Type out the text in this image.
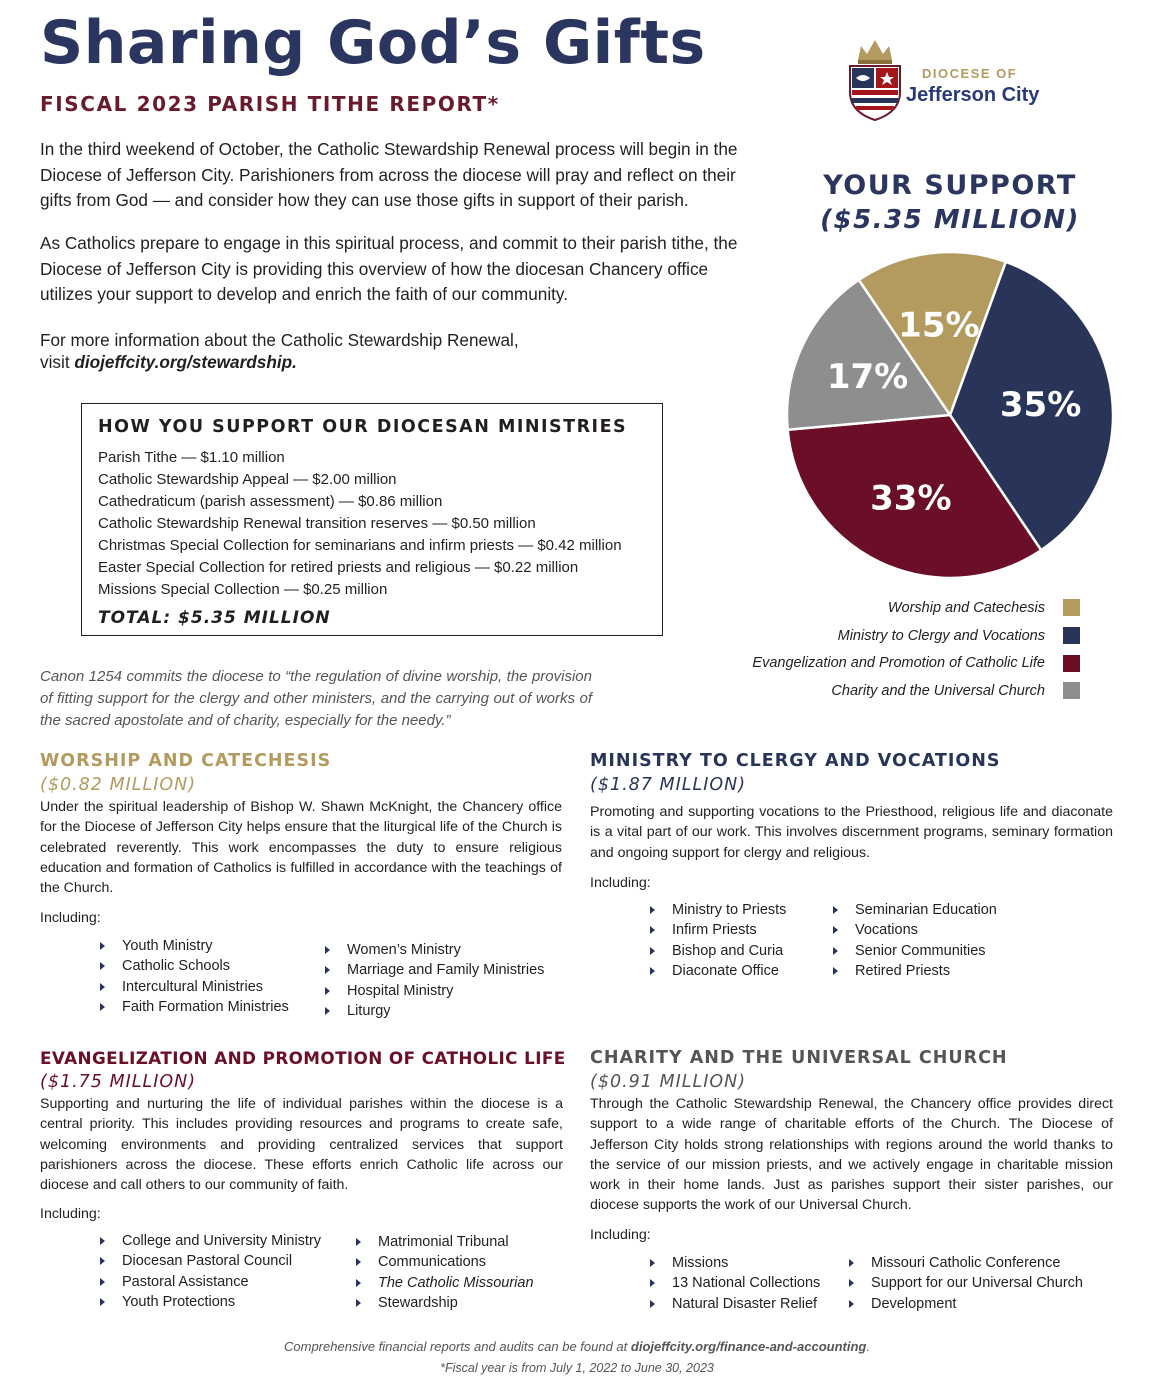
Sharing God’s Gifts
FISCAL 2023 PARISH TITHE REPORT*
DIOCESE OF
Jefferson City

In the third weekend of October, the Catholic Stewardship Renewal process will begin in the Diocese of Jefferson City. Parishioners from across the diocese will pray and reflect on their gifts from God — and consider how they can use those gifts in support of their parish.

As Catholics prepare to engage in this spiritual process, and commit to their parish tithe, the Diocese of Jefferson City is providing this overview of how the diocesan Chancery office utilizes your support to develop and enrich the faith of our community.

For more information about the Catholic Stewardship Renewal,
visit diojeffcity.org/stewardship.

YOUR SUPPORT
($5.35 MILLION)
35%
33%
17%
15%
Worship and Catechesis
Ministry to Clergy and Vocations
Evangelization and Promotion of Catholic Life
Charity and the Universal Church
HOW YOU SUPPORT OUR DIOCESAN MINISTRIES
Parish Tithe — $1.10 million
Catholic Stewardship Appeal — $2.00 million
Cathedraticum (parish assessment) — $0.86 million
Catholic Stewardship Renewal transition reserves — $0.50 million
Christmas Special Collection for seminarians and infirm priests — $0.42 million
Easter Special Collection for retired priests and religious — $0.22 million
Missions Special Collection — $0.25 million
TOTAL: $5.35 MILLION

Canon 1254 commits the diocese to “the regulation of divine worship, the provision of fitting support for the clergy and other ministers, and the carrying out of works of the sacred apostolate and of charity, especially for the needy.”

WORSHIP AND CATECHESIS
($0.82 MILLION)

Under the spiritual leadership of Bishop W. Shawn McKnight, the Chancery office for the Diocese of Jefferson City helps ensure that the liturgical life of the Church is celebrated reverently. This work encompasses the duty to ensure religious education and formation of Catholics is fulfilled in accordance with the teachings of the Church.

Including:
Youth Ministry
Catholic Schools
Intercultural Ministries
Faith Formation Ministries
Women’s Ministry
Marriage and Family Ministries
Hospital Ministry
Liturgy
MINISTRY TO CLERGY AND VOCATIONS
($1.87 MILLION)

Promoting and supporting vocations to the Priesthood, religious life and diaconate is a vital part of our work. This involves discernment programs, seminary formation and ongoing support for clergy and religious.

Including:
Ministry to Priests
Infirm Priests
Bishop and Curia
Diaconate Office
Seminarian Education
Vocations
Senior Communities
Retired Priests
EVANGELIZATION AND PROMOTION OF CATHOLIC LIFE
($1.75 MILLION)

Supporting and nurturing the life of individual parishes within the diocese is a central priority. This includes providing resources and programs to create safe, welcoming environments and providing centralized services that support parishioners across the diocese. These efforts enrich Catholic life across our diocese and call others to our community of faith.

Including:
College and University Ministry
Diocesan Pastoral Council
Pastoral Assistance
Youth Protections
Matrimonial Tribunal
Communications
The Catholic Missourian
Stewardship
CHARITY AND THE UNIVERSAL CHURCH
($0.91 MILLION)

Through the Catholic Stewardship Renewal, the Chancery office provides direct support to a wide range of charitable efforts of the Church. The Diocese of Jefferson City holds strong relationships with regions around the world thanks to the service of our mission priests, and we actively engage in charitable mission work in their home lands. Just as parishes support their sister parishes, our diocese supports the work of our Universal Church.

Including:
Missions
13 National Collections
Natural Disaster Relief
Missouri Catholic Conference
Support for our Universal Church
Development
Comprehensive financial reports and audits can be found at diojeffcity.org/finance-and-accounting.
*Fiscal year is from July 1, 2022 to June 30, 2023
